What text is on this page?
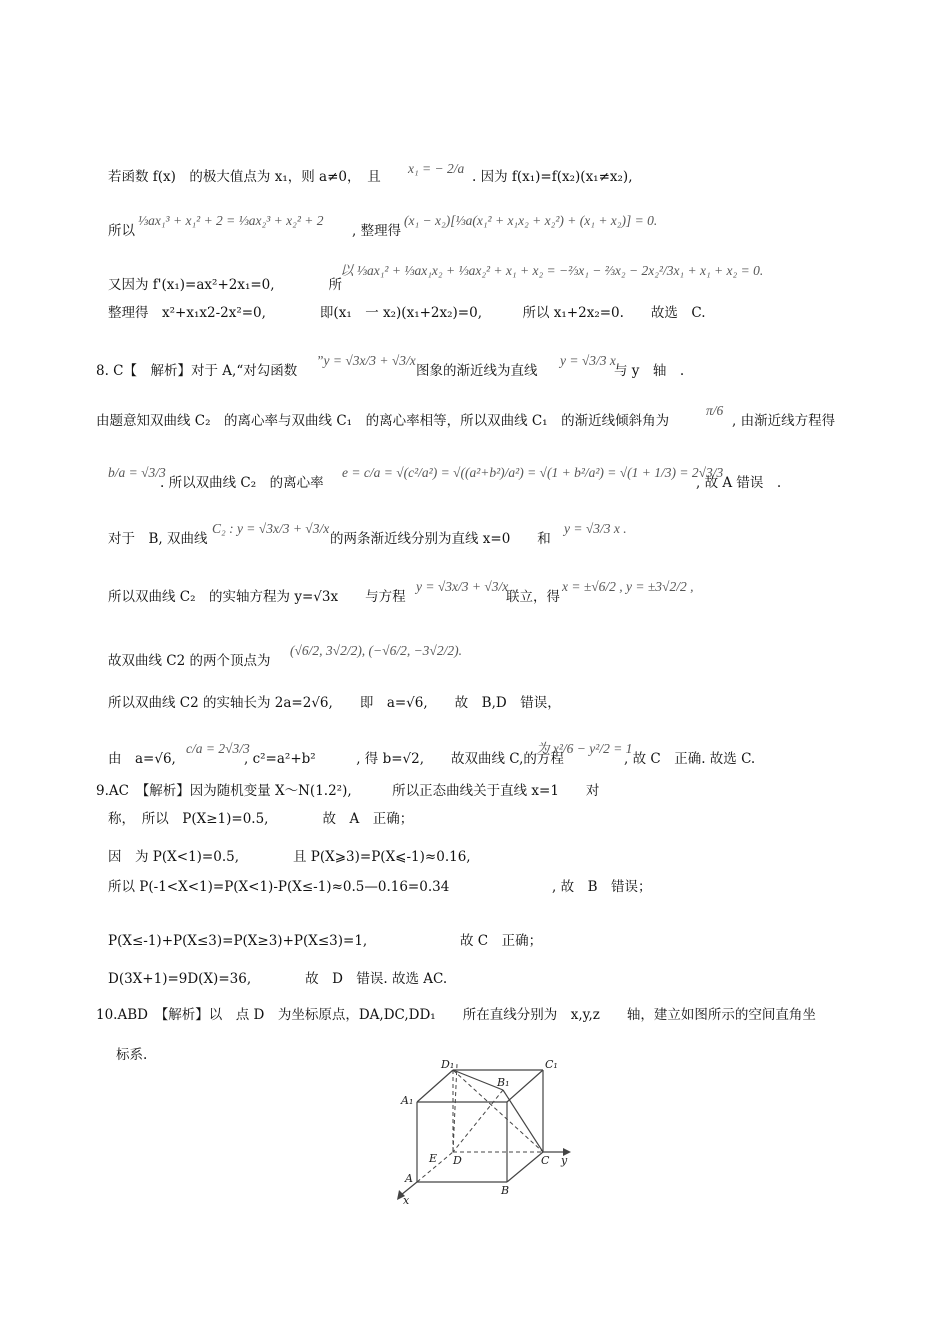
若函数 f(x)　的极大值点为 x₁，则 a≠0，　且
x₁ = − 2/a
. 因为 f(x₁)=f(x₂)(x₁≠x₂),
所以
⅓ax₁³ + x₁² + 2 = ⅓ax₂³ + x₂² + 2
, 整理得
(x₁ − x₂)[⅓a(x₁² + x₁x₂ + x₂²) + (x₁ + x₂)] = 0.
又因为 f'(x₁)=ax²+2x₁=0,　　　　所
以 ⅓ax₁² + ⅓ax₁x₂ + ⅓ax₂² + x₁ + x₂ = −⅔x₁ − ⅔x₂ − 2x₂²/3x₁ + x₁ + x₂ = 0.
整理得　x²+x₁x2-2x²=0,　　　　即(x₁　一 x₂)(x₁+2x₂)=0,　　　所以 x₁+2x₂=0.　　故选　C.
8. C【　解析】对于 A,“对勾函数
”y = √3x/3 + √3/x
图象的渐近线为直线
y = √3/3 x
与 y　轴　.
由题意知双曲线 C₂　的离心率与双曲线 C₁　的离心率相等，所以双曲线 C₁　的渐近线倾斜角为
π/6
, 由渐近线方程得
b/a = √3/3
. 所以双曲线 C₂　的离心率
e = c/a = √(c²/a²) = √((a²+b²)/a²) = √(1 + b²/a²) = √(1 + 1/3) = 2√3/3
, 故 A 错误　.
对于　B, 双曲线
C₂ : y = √3x/3 + √3/x
的两条渐近线分别为直线 x=0　　和
y = √3/3 x .
所以双曲线 C₂　的实轴方程为 y=√3x　　与方程
y = √3x/3 + √3/x
联立，得
x = ±√6/2 , y = ±3√2/2 ,
故双曲线 C2 的两个顶点为
(√6/2, 3√2/2), (−√6/2, −3√2/2).
所以双曲线 C2 的实轴长为 2a=2√6,　　即　a=√6,　　故　B,D　错误，
由　a=√6,
c/a = 2√3/3
, c²=a²+b²　　　, 得 b=√2,　　故双曲线 C,的方程
为 x²/6 − y²/2 = 1
, 故 C　正确. 故选 C.
9.AC　【解析】因为随机变量 X～N(1.2²),　　　所以正态曲线关于直线 x=1　　对
称，　所以　P(X≥1)=0.5,　　　　故　A　正确；
因　为 P(X<1)=0.5,　　　　且 P(X⩾3)=P(X⩽-1)≈0.16,
所以 P(-1<X<1)=P(X<1)-P(X≤-1)≈0.5—0.16=0.34	, 故　B　错误；
P(X≤-1)+P(X≤3)=P(X≥3)+P(X≤3)=1,	故 C　正确；
D(3X+1)=9D(X)=36,　　　　故　D　错误. 故选 AC.
10.ABD　【解析】以　点 D　为坐标原点，DA,DC,DD₁　　所在直线分别为　x,y,z　　轴，建立如图所示的空间直角坐
标系.
D₁	C₁
A₁
B₁
E D	C
A
B
y
x
